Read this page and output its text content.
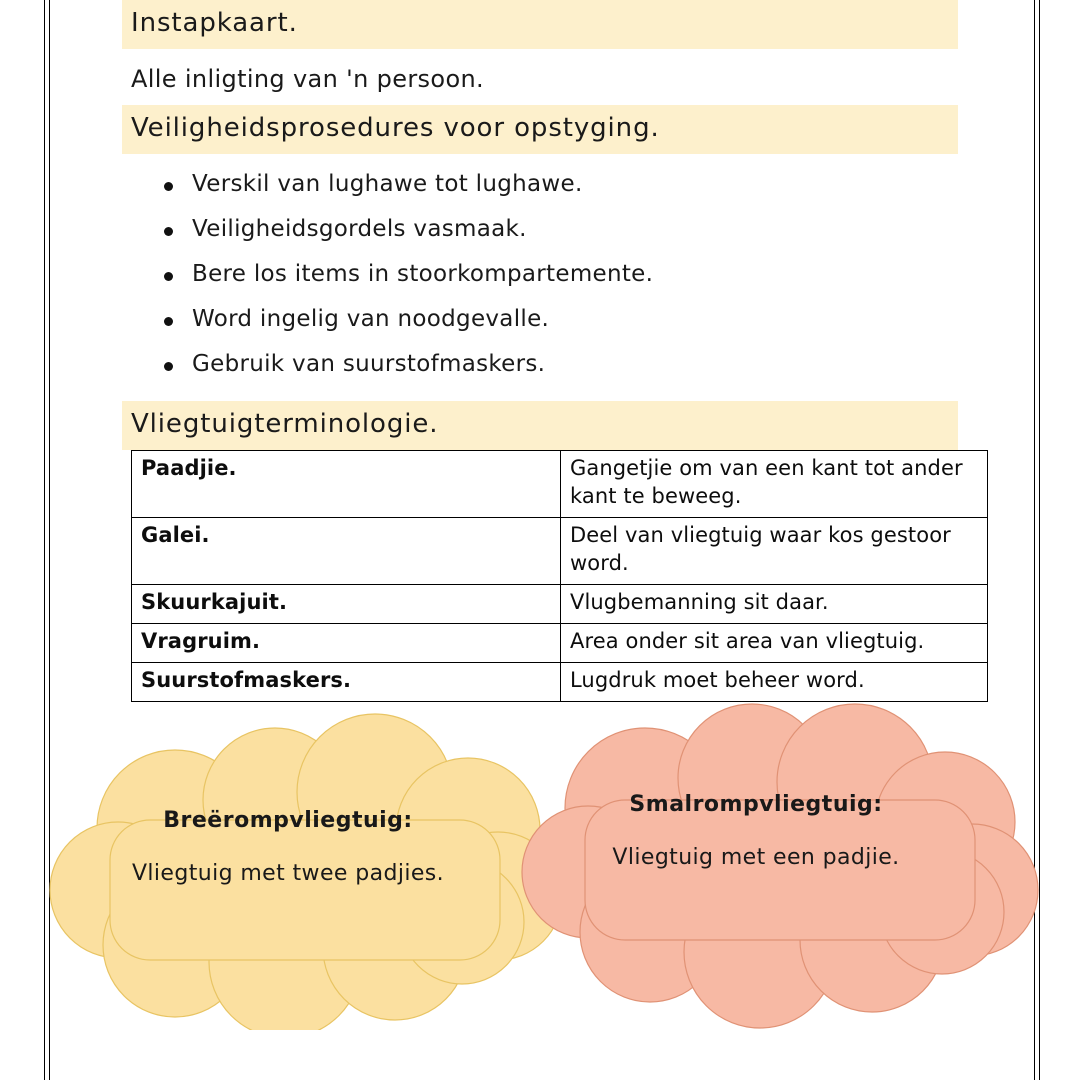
Instapkaart.
Alle inligting van 'n persoon.
Veiligheidsprosedures voor opstyging.
Verskil van lughawe tot lughawe.
Veiligheidsgordels vasmaak.
Bere los items in stoorkompartemente.
Word ingelig van noodgevalle.
Gebruik van suurstofmaskers.
Vliegtuigterminologie.
Paadjie.	Gangetjie om van een kant tot ander kant te beweeg.
Galei.	Deel van vliegtuig waar kos gestoor word.
Skuurkajuit.	Vlugbemanning sit daar.
Vragruim.	Area onder sit area van vliegtuig.
Suurstofmaskers.	Lugdruk moet beheer word.
Breërompvliegtuig:
Vliegtuig met twee padjies.
Smalrompvliegtuig:
Vliegtuig met een padjie.
